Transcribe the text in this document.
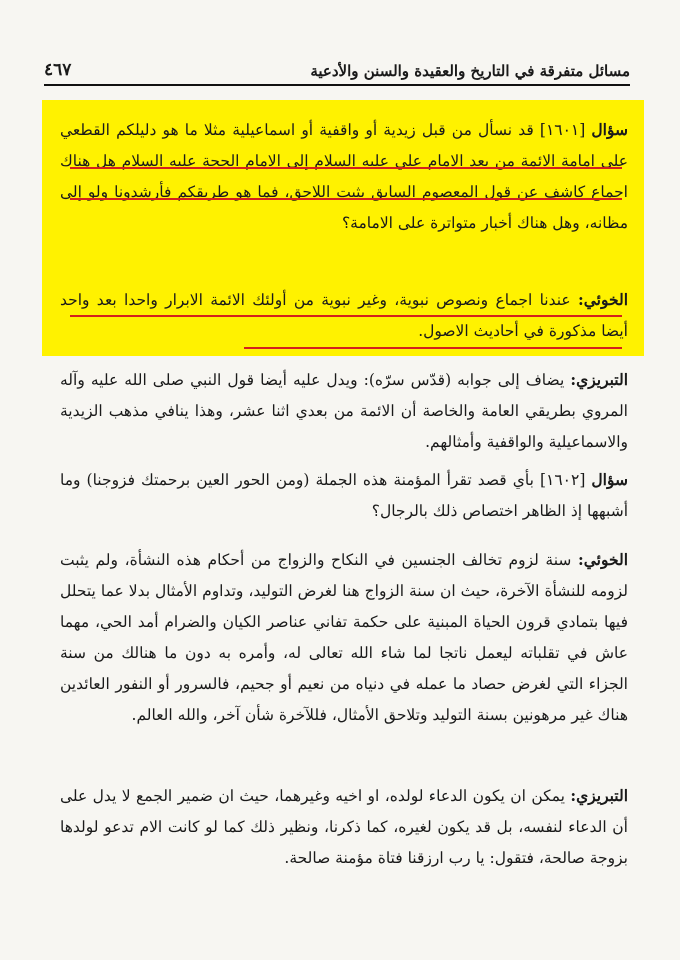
مسائل متفرقة في التاريخ والعقيدة والسنن والأدعية
٤٦٧
سؤال [١٦٠١] قد نسأل من قبل زيدية أو واقفية أو اسماعيلية مثلا ما هو دليلكم القطعي على امامة الائمة من بعد الامام علي عليه السلام إلى الامام الحجة عليه السلام هل هناك اجماع كاشف عن قول المعصوم السابق يثبت اللاحق، فما هو طريقكم فأرشدونا ولو إلى مظانه، وهل هناك أخبار متواترة على الامامة؟
الخوئي: عندنا اجماع ونصوص نبوية، وغير نبوية من أولئك الائمة الابرار واحدا بعد واحد أيضا مذكورة في أحاديث الاصول.
التبريزي: يضاف إلى جوابه (قدّس سرّه): ويدل عليه أيضا قول النبي صلى الله عليه وآله المروي بطريقي العامة والخاصة أن الائمة من بعدي اثنا عشر، وهذا ينافي مذهب الزيدية والاسماعيلية والواقفية وأمثالهم.
سؤال [١٦٠٢] بأي قصد تقرأ المؤمنة هذه الجملة (ومن الحور العين برحمتك فزوجنا) وما أشبهها إذ الظاهر اختصاص ذلك بالرجال؟
الخوئي: سنة لزوم تخالف الجنسين في النكاح والزواج من أحكام هذه النشأة، ولم يثبت لزومه للنشأة الآخرة، حيث ان سنة الزواج هنا لغرض التوليد، وتداوم الأمثال بدلا عما يتحلل فيها بتمادي قرون الحياة المبنية على حكمة تفاني عناصر الكيان والضرام أمد الحي، مهما عاش في تقلباته ليعمل ناتجا لما شاء الله تعالى له، وأمره به دون ما هنالك من سنة الجزاء التي لغرض حصاد ما عمله في دنياه من نعيم أو جحيم، فالسرور أو النفور العائدين هناك غير مرهونين بسنة التوليد وتلاحق الأمثال، فللآخرة شأن آخر، والله العالم.
التبريزي: يمكن ان يكون الدعاء لولده، او اخيه وغيرهما، حيث ان ضمير الجمع لا يدل على أن الدعاء لنفسه، بل قد يكون لغيره، كما ذكرنا، ونظير ذلك كما لو كانت الام تدعو لولدها بزوجة صالحة، فتقول: يا رب ارزقنا فتاة مؤمنة صالحة.
